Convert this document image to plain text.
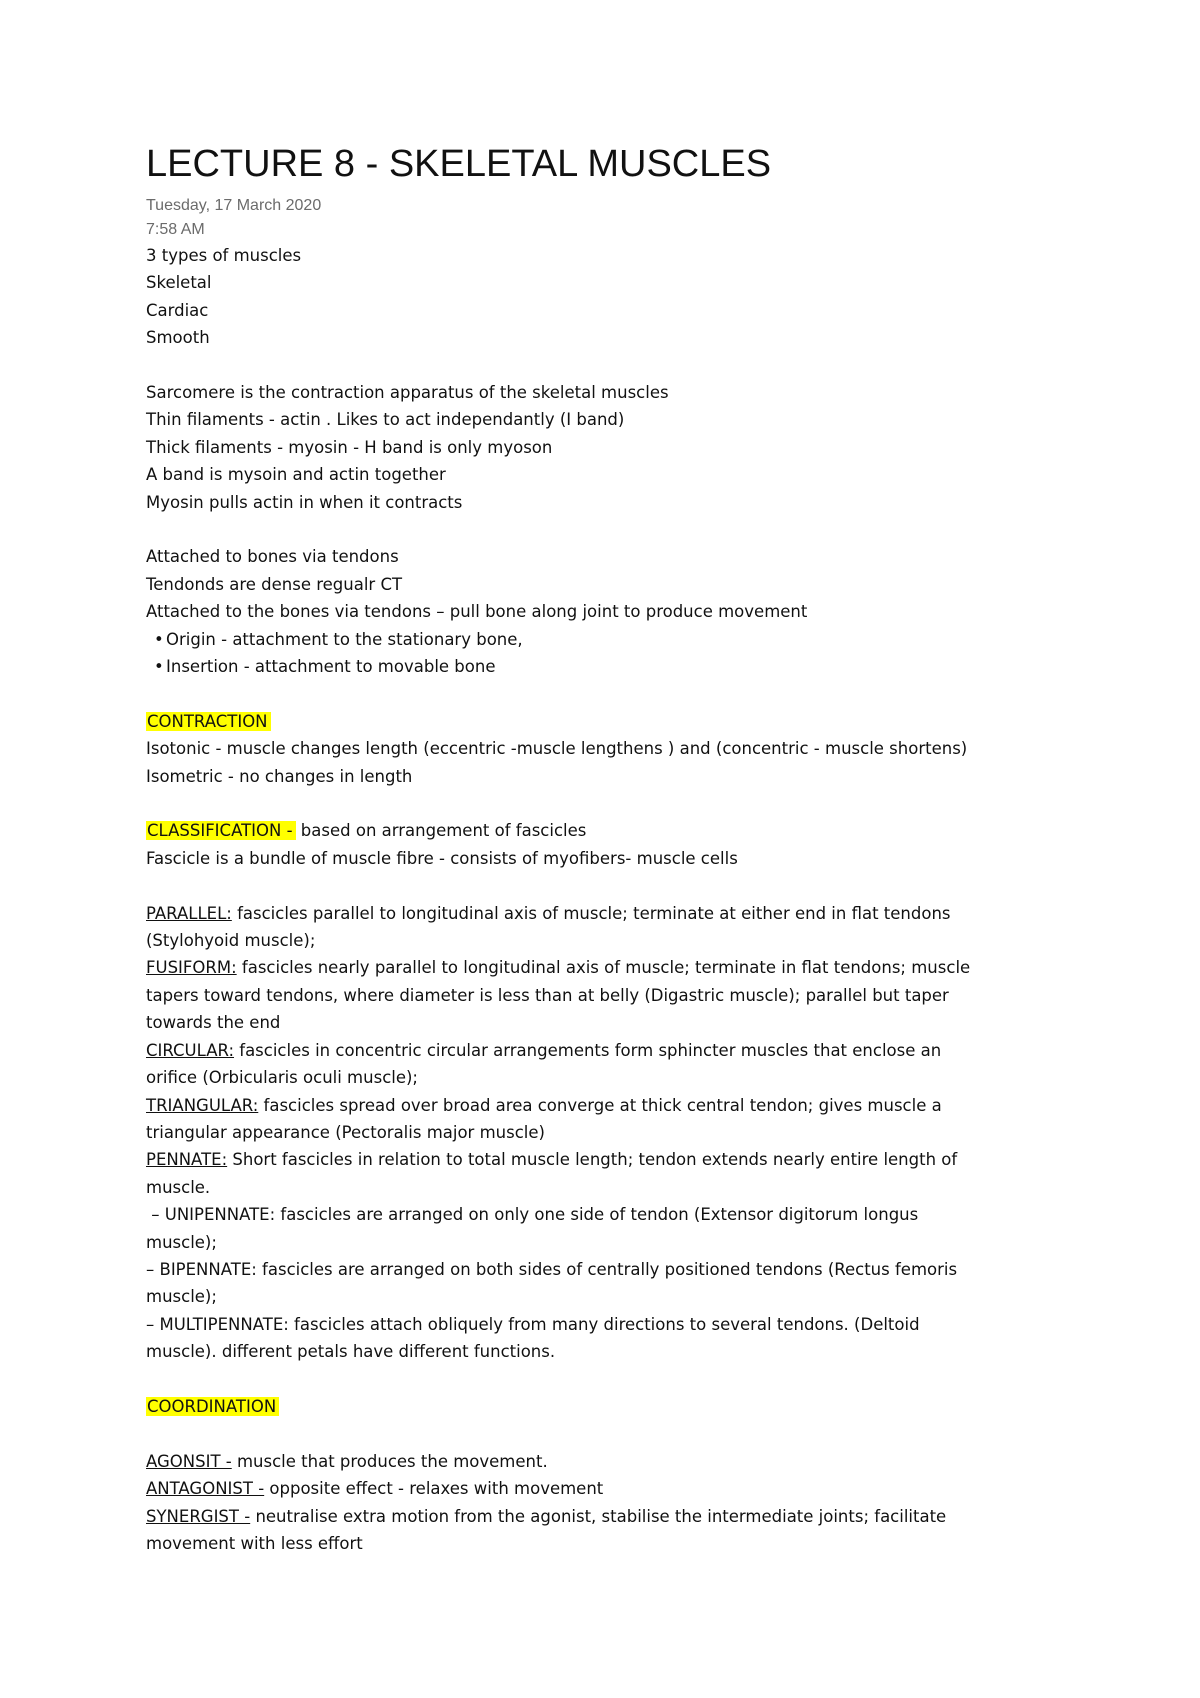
LECTURE 8 - SKELETAL MUSCLES
Tuesday, 17 March 2020
7:58 AM
3 types of muscles
Skeletal
Cardiac
Smooth
Sarcomere is the contraction apparatus of the skeletal muscles
Thin filaments - actin . Likes to act independantly (I band)
Thick filaments - myosin - H band is only myoson
A band is mysoin and actin together
Myosin pulls actin in when it contracts
Attached to bones via tendons
Tendonds are dense regualr CT
Attached to the bones via tendons – pull bone along joint to produce movement
• Origin - attachment to the stationary bone,
• Insertion - attachment to movable bone
CONTRACTION
Isotonic - muscle changes length (eccentric -muscle lengthens ) and (concentric - muscle shortens)
Isometric - no changes in length
CLASSIFICATION - based on arrangement of fascicles
Fascicle is a bundle of muscle fibre - consists of myofibers- muscle cells
PARALLEL: fascicles parallel to longitudinal axis of muscle; terminate at either end in flat tendons
(Stylohyoid muscle);
FUSIFORM: fascicles nearly parallel to longitudinal axis of muscle; terminate in flat tendons; muscle
tapers toward tendons, where diameter is less than at belly (Digastric muscle); parallel but taper
towards the end
CIRCULAR: fascicles in concentric circular arrangements form sphincter muscles that enclose an
orifice (Orbicularis oculi muscle);
TRIANGULAR: fascicles spread over broad area converge at thick central tendon; gives muscle a
triangular appearance (Pectoralis major muscle)
PENNATE: Short fascicles in relation to total muscle length; tendon extends nearly entire length of
muscle.
– UNIPENNATE: fascicles are arranged on only one side of tendon (Extensor digitorum longus
muscle);
– BIPENNATE: fascicles are arranged on both sides of centrally positioned tendons (Rectus femoris
muscle);
– MULTIPENNATE: fascicles attach obliquely from many directions to several tendons. (Deltoid
muscle). different petals have different functions.
COORDINATION
AGONSIT - muscle that produces the movement.
ANTAGONIST - opposite effect - relaxes with movement
SYNERGIST - neutralise extra motion from the agonist, stabilise the intermediate joints; facilitate
movement with less effort
